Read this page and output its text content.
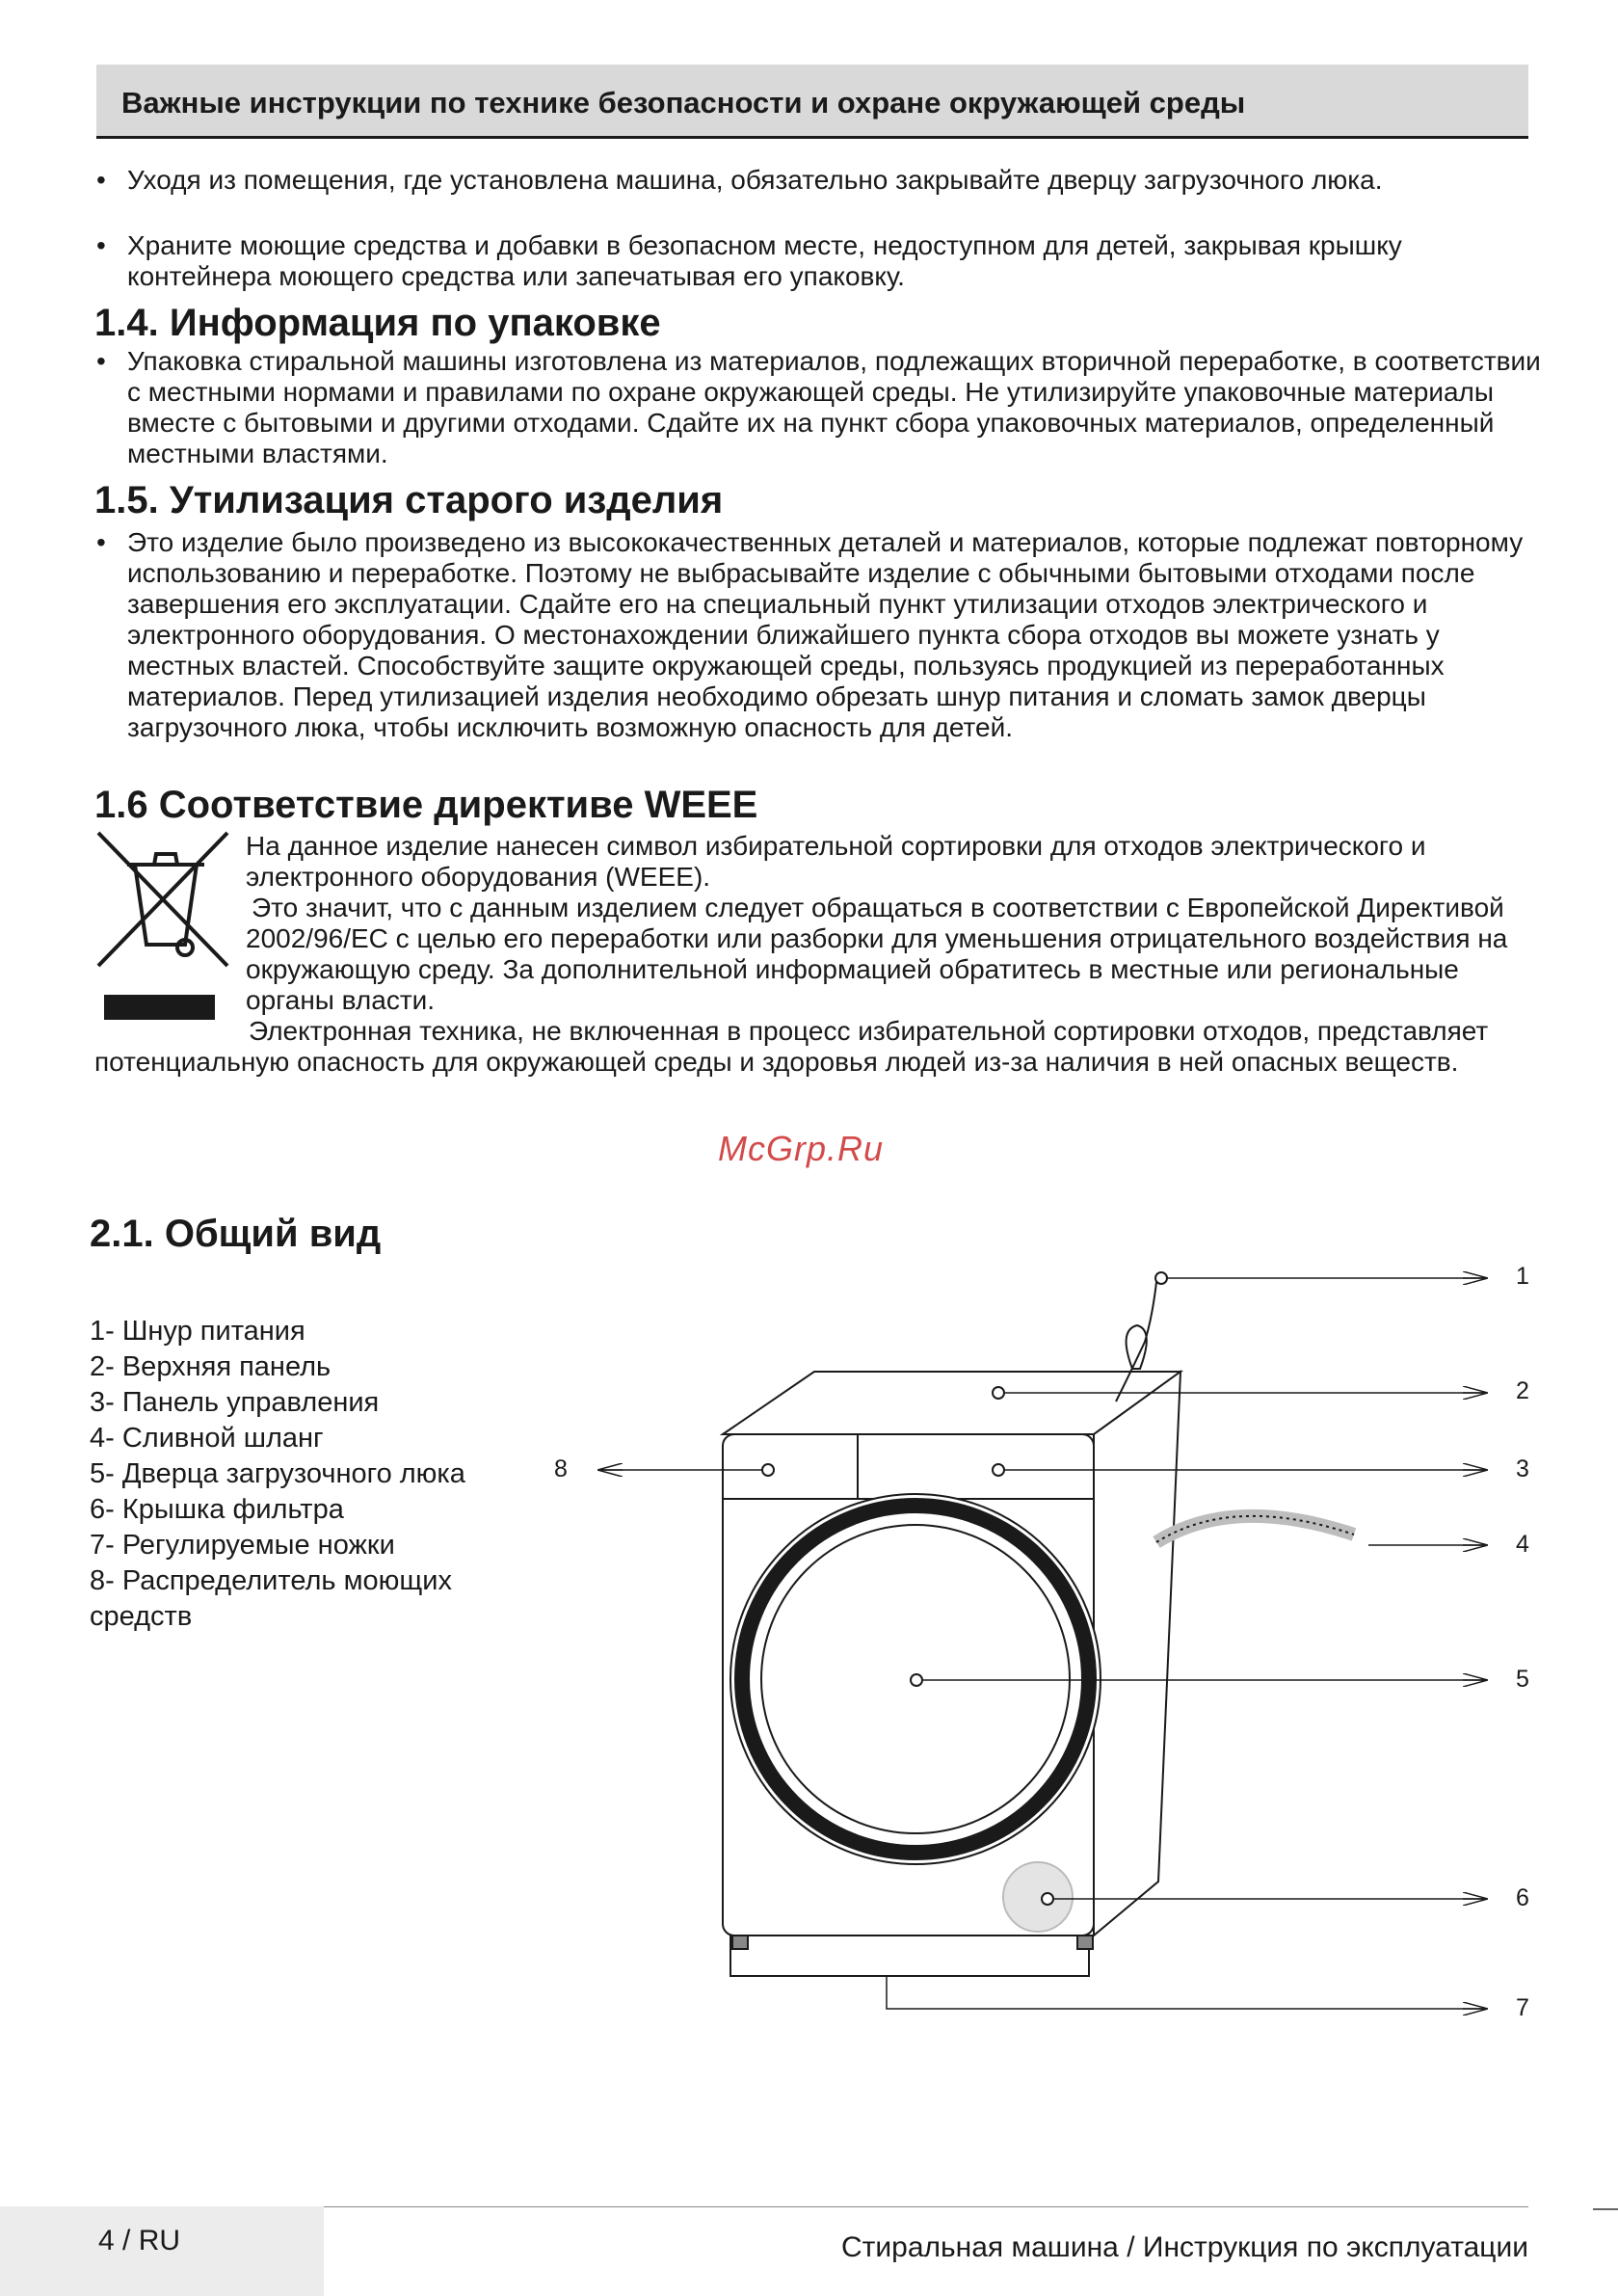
Важные инструкции по технике безопасности и охране окружающей среды
• Уходя из помещения, где установлена машина, обязательно закрывайте дверцу загрузочного люка.
• Храните моющие средства и добавки в безопасном месте, недоступном для детей, закрывая крышку контейнера моющего средства или запечатывая его упаковку.
1.4. Информация по упаковке
• Упаковка стиральной машины изготовлена из материалов, подлежащих вторичной переработке, в соответствии с местными нормами и правилами по охране окружающей среды. Не утилизируйте упаковочные материалы вместе с бытовыми и другими отходами. Сдайте их на пункт сбора упаковочных материалов, определенный местными властями.
1.5. Утилизация старого изделия
• Это изделие было произведено из высококачественных деталей и материалов, которые подлежат повторному использованию и переработке. Поэтому не выбрасывайте изделие с обычными бытовыми отходами после завершения его эксплуатации. Сдайте его на специальный пункт утилизации отходов электрического и электронного оборудования. О местонахождении ближайшего пункта сбора отходов вы можете узнать у местных властей. Способствуйте защите окружающей среды, пользуясь продукцией из переработанных материалов. Перед утилизацией изделия необходимо обрезать шнур питания и сломать замок дверцы загрузочного люка, чтобы исключить возможную опасность для детей.
1.6 Соответствие директиве WEEE
На данное изделие нанесен символ избирательной сортировки для отходов электрического и электронного оборудования (WEEE).
Это значит, что с данным изделием следует обращаться в соответствии с Европейской Директивой 2002/96/EC с целью его переработки или разборки для уменьшения отрицательного воздействия на окружающую среду. За дополнительной информацией обратитесь в местные или региональные органы власти.
Электронная техника, не включенная в процесс избирательной сортировки отходов, представляет потенциальную опасность для окружающей среды и здоровья людей из-за наличия в ней опасных веществ.
McGrp.Ru
2.1. Общий вид
1- Шнур питания
2- Верхняя панель
3- Панель управления
4- Сливной шланг
5- Дверца загрузочного люка
6- Крышка фильтра
7- Регулируемые ножки
8- Распределитель моющих средств
1
2
3
4
5
6
7
8
4 / RU	Стиральная машина / Инструкция по эксплуатации
